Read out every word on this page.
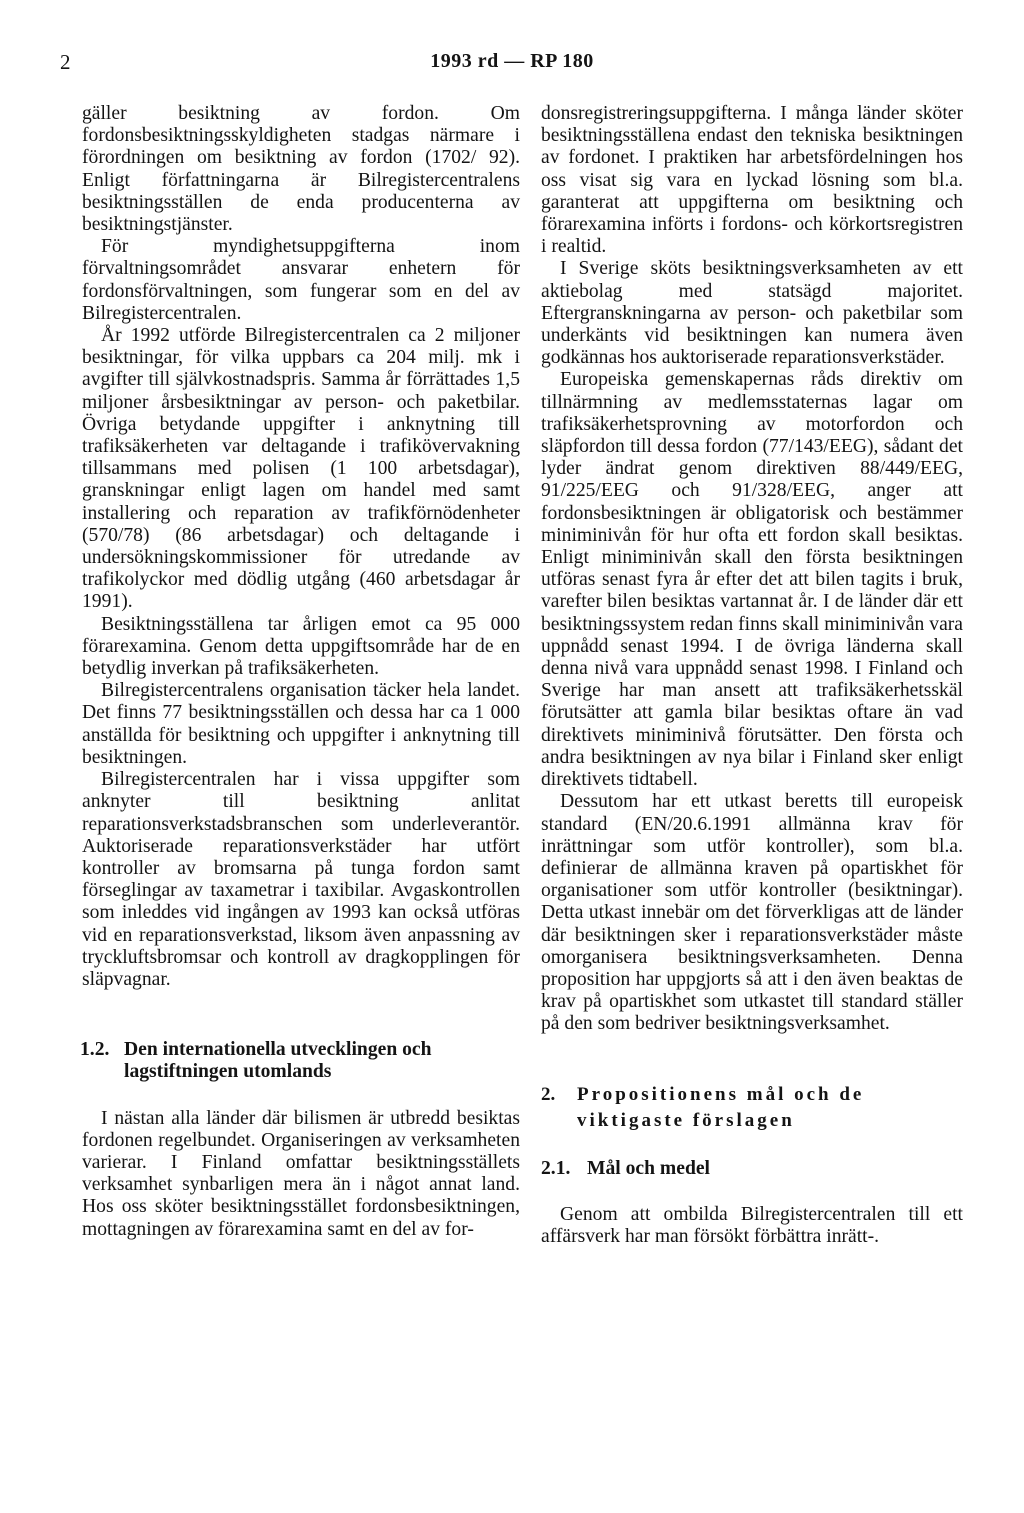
2	1993 rd — RP 180

gäller besiktning av fordon. Om fordonsbesiktningsskyldigheten stadgas närmare i förordningen om besiktning av fordon (1702/ 92). Enligt författningarna är Bilregistercentralens besiktningsställen de enda producenterna av besiktningstjänster.

För myndighetsuppgifterna inom förvaltningsområdet ansvarar enhetern för fordonsförvaltningen, som fungerar som en del av Bilregistercentralen.

År 1992 utförde Bilregistercentralen ca 2 miljoner besiktningar, för vilka uppbars ca 204 milj. mk i avgifter till självkostnadspris. Samma år förrättades 1,5 miljoner årsbesiktningar av person- och paketbilar. Övriga betydande uppgifter i anknytning till trafiksäkerheten var deltagande i trafikövervakning tillsammans med polisen (1 100 arbetsdagar), granskningar enligt lagen om handel med samt installering och reparation av trafikförnödenheter (570/78) (86 arbetsdagar) och deltagande i undersökningskommissioner för utredande av trafikolyckor med dödlig utgång (460 arbetsdagar år 1991).

Besiktningsställena tar årligen emot ca 95 000 förarexamina. Genom detta uppgiftsområde har de en betydlig inverkan på trafiksäkerheten.

Bilregistercentralens organisation täcker hela landet. Det finns 77 besiktningsställen och dessa har ca 1 000 anställda för besiktning och uppgifter i anknytning till besiktningen.

Bilregistercentralen har i vissa uppgifter som anknyter till besiktning anlitat reparationsverkstadsbranschen som underleverantör. Auktoriserade reparationsverkstäder har utfört kontroller av bromsarna på tunga fordon samt förseglingar av taxametrar i taxibilar. Avgaskontrollen som inleddes vid ingången av 1993 kan också utföras vid en reparationsverkstad, liksom även anpassning av tryckluftsbromsar och kontroll av dragkopplingen för släpvagnar.

1.2. Den internationella utvecklingen och lagstiftningen utomlands

I nästan alla länder där bilismen är utbredd besiktas fordonen regelbundet. Organiseringen av verksamheten varierar. I Finland omfattar besiktningsställets verksamhet synbarligen mera än i något annat land. Hos oss sköter besiktningsstället fordonsbesiktningen, mottagningen av förarexamina samt en del av for-

donsregistreringsuppgifterna. I många länder sköter besiktningsställena endast den tekniska besiktningen av fordonet. I praktiken har arbetsfördelningen hos oss visat sig vara en lyckad lösning som bl.a. garanterat att uppgifterna om besiktning och förarexamina införts i fordons- och körkortsregistren i realtid.

I Sverige sköts besiktningsverksamheten av ett aktiebolag med statsägd majoritet. Eftergranskningarna av person- och paketbilar som underkänts vid besiktningen kan numera även godkännas hos auktoriserade reparationsverkstäder.

Europeiska gemenskapernas råds direktiv om tillnärmning av medlemsstaternas lagar om trafiksäkerhetsprovning av motorfordon och släpfordon till dessa fordon (77/143/EEG), sådant det lyder ändrat genom direktiven 88/449/EEG, 91/225/EEG och 91/328/EEG, anger att fordonsbesiktningen är obligatorisk och bestämmer miniminivån för hur ofta ett fordon skall besiktas. Enligt miniminivån skall den första besiktningen utföras senast fyra år efter det att bilen tagits i bruk, varefter bilen besiktas vartannat år. I de länder där ett besiktningssystem redan finns skall miniminivån vara uppnådd senast 1994. I de övriga länderna skall denna nivå vara uppnådd senast 1998. I Finland och Sverige har man ansett att trafiksäkerhetsskäl förutsätter att gamla bilar besiktas oftare än vad direktivets miniminivå förutsätter. Den första och andra besiktningen av nya bilar i Finland sker enligt direktivets tidtabell.

Dessutom har ett utkast beretts till europeisk standard (EN/20.6.1991 allmänna krav för inrättningar som utför kontroller), som bl.a. definierar de allmänna kraven på opartiskhet för organisationer som utför kontroller (besiktningar). Detta utkast innebär om det förverkligas att de länder där besiktningen sker i reparationsverkstäder måste omorganisera besiktningsverksamheten. Denna proposition har uppgjorts så att i den även beaktas de krav på opartiskhet som utkastet till standard ställer på den som bedriver besiktningsverksamhet.

2.	Propositionens mål och de viktigaste förslagen
2.1. Mål och medel

Genom att ombilda Bilregistercentralen till ett affärsverk har man försökt förbättra inrätt-.
